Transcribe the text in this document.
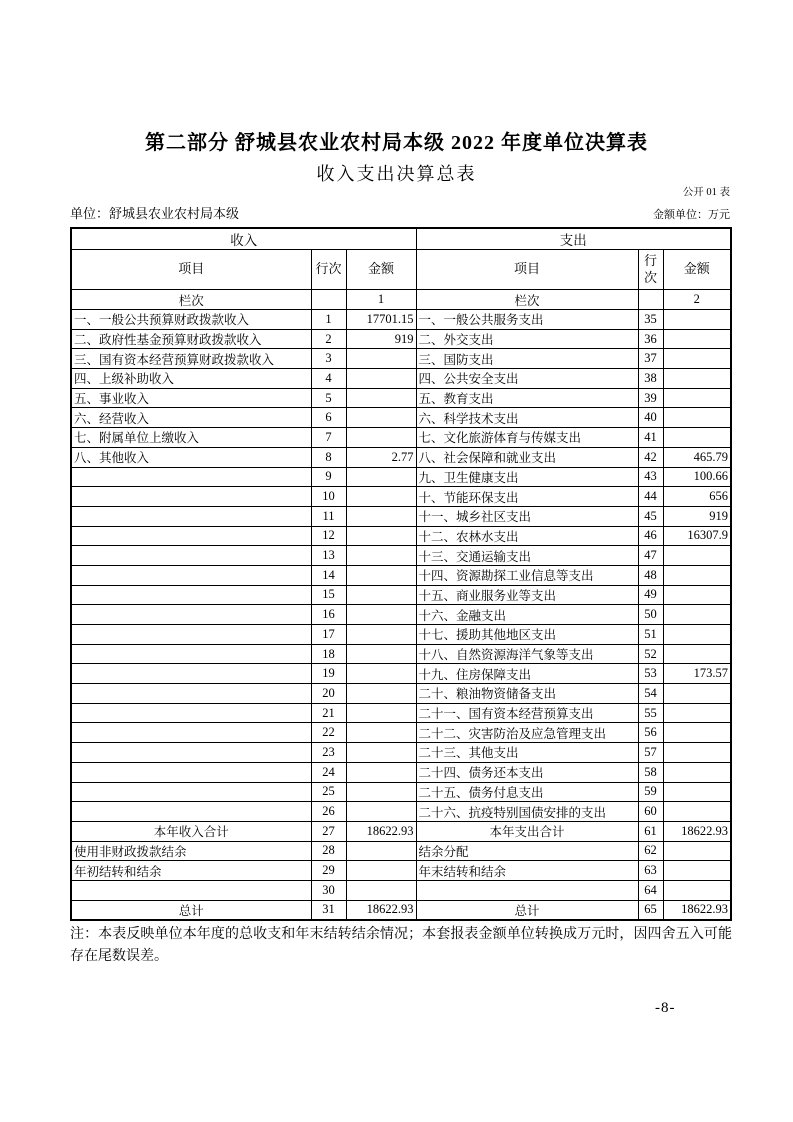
第二部分 舒城县农业农村局本级 2022 年度单位决算表
收入支出决算总表
公开 01 表
单位：舒城县农业农村局本级	金额单位：万元
收入			支出		
项目	行次	金额	项目	行次	金额
栏次		1	栏次		2
一、一般公共预算财政拨款收入	1	17701.15	一、一般公共服务支出	35	
二、政府性基金预算财政拨款收入	2	919	二、外交支出	36	
三、国有资本经营预算财政拨款收入	3		三、国防支出	37	
四、上级补助收入	4		四、公共安全支出	38	
五、事业收入	5		五、教育支出	39	
六、经营收入	6		六、科学技术支出	40	
七、附属单位上缴收入	7		七、文化旅游体育与传媒支出	41	
八、其他收入	8	2.77	八、社会保障和就业支出	42	465.79
	9		九、卫生健康支出	43	100.66
	10		十、节能环保支出	44	656
	11		十一、城乡社区支出	45	919
	12		十二、农林水支出	46	16307.9
	13		十三、交通运输支出	47	
	14		十四、资源勘探工业信息等支出	48	
	15		十五、商业服务业等支出	49	
	16		十六、金融支出	50	
	17		十七、援助其他地区支出	51	
	18		十八、自然资源海洋气象等支出	52	
	19		十九、住房保障支出	53	173.57
	20		二十、粮油物资储备支出	54	
	21		二十一、国有资本经营预算支出	55	
	22		二十二、灾害防治及应急管理支出	56	
	23		二十三、其他支出	57	
	24		二十四、债务还本支出	58	
	25		二十五、债务付息支出	59	
	26		二十六、抗疫特别国债安排的支出	60	
本年收入合计	27	18622.93	本年支出合计	61	18622.93
使用非财政拨款结余	28		结余分配	62	
年初结转和结余	29		年末结转和结余	63	
	30			64	
总计	31	18622.93	总计	65	18622.93
注：本表反映单位本年度的总收支和年末结转结余情况；本套报表金额单位转换成万元时，因四舍五入可能存在尾数误差。
-8-
